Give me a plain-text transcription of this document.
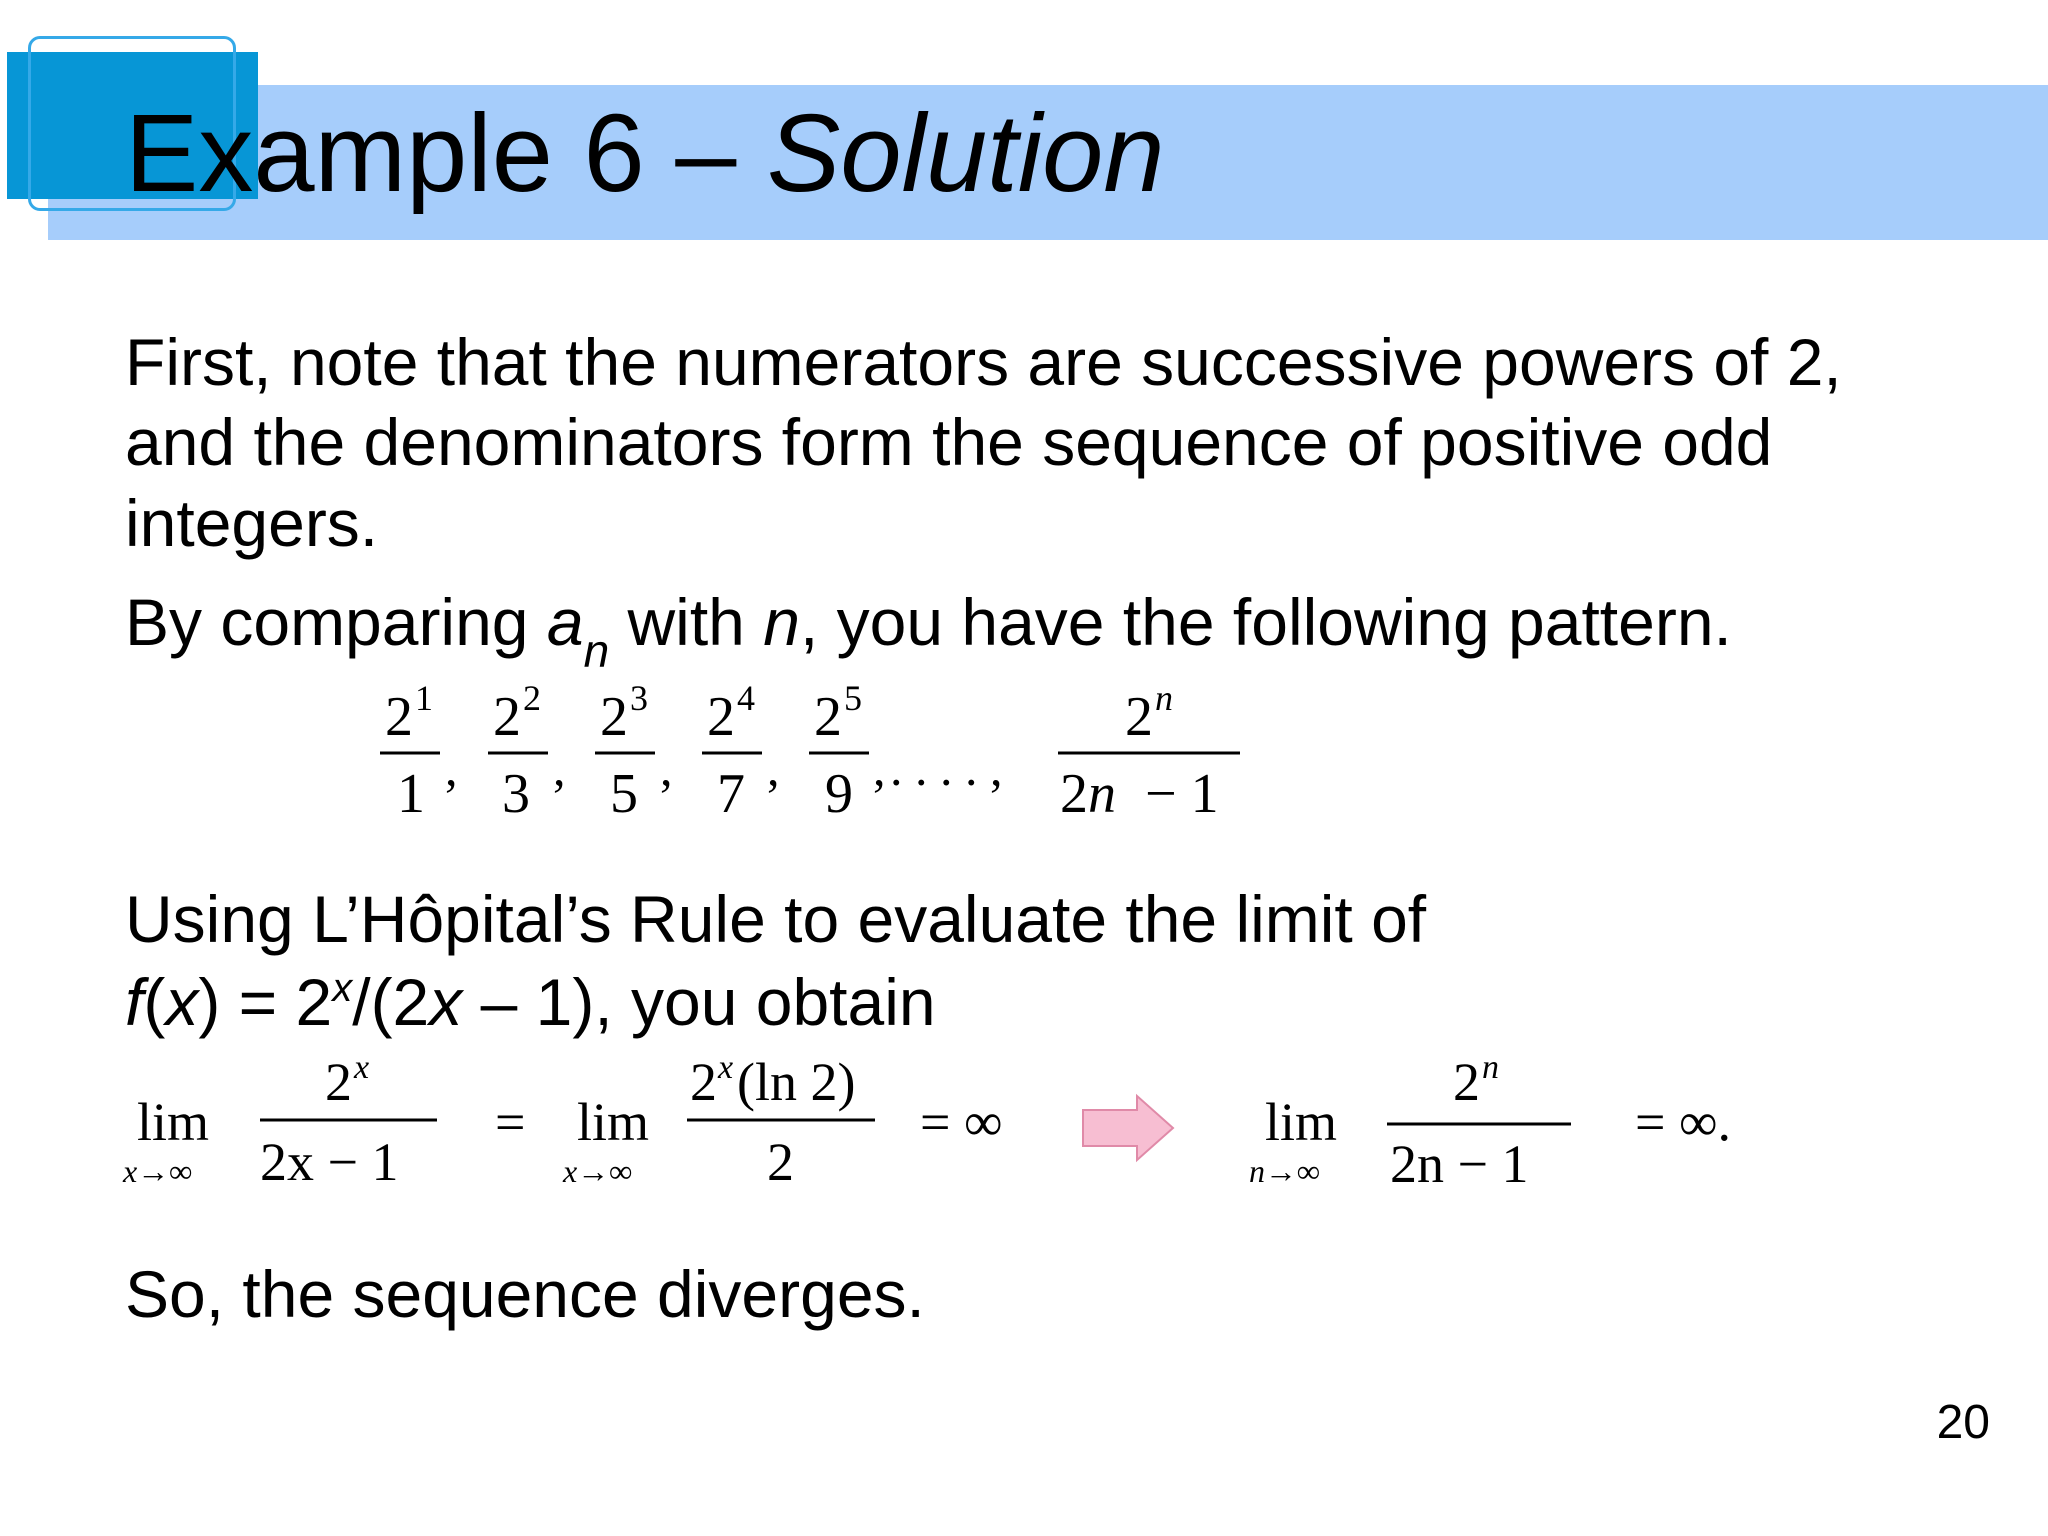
Example 6 – Solution

First, note that the numerators are successive powers of 2,

and the denominators form the sequence of positive odd

integers.

By comparing $a_n$ with n, you have the following pattern.

2 1
1 ,
2 2
3 ,
2 3
5 ,
2 4
7 ,
2 5
9 , . . . . ,
2 n
2 n − 1

Using L’Hôpital’s Rule to evaluate the limit of

$f(x) = 2^x/(2x - 1)$, you obtain

lim
x→∞
2 x
2x − 1
= lim
x→∞
2 x (ln 2)
2
= ∞	lim
n→∞
2 n
2n − 1
= ∞.

So, the sequence diverges.

20
